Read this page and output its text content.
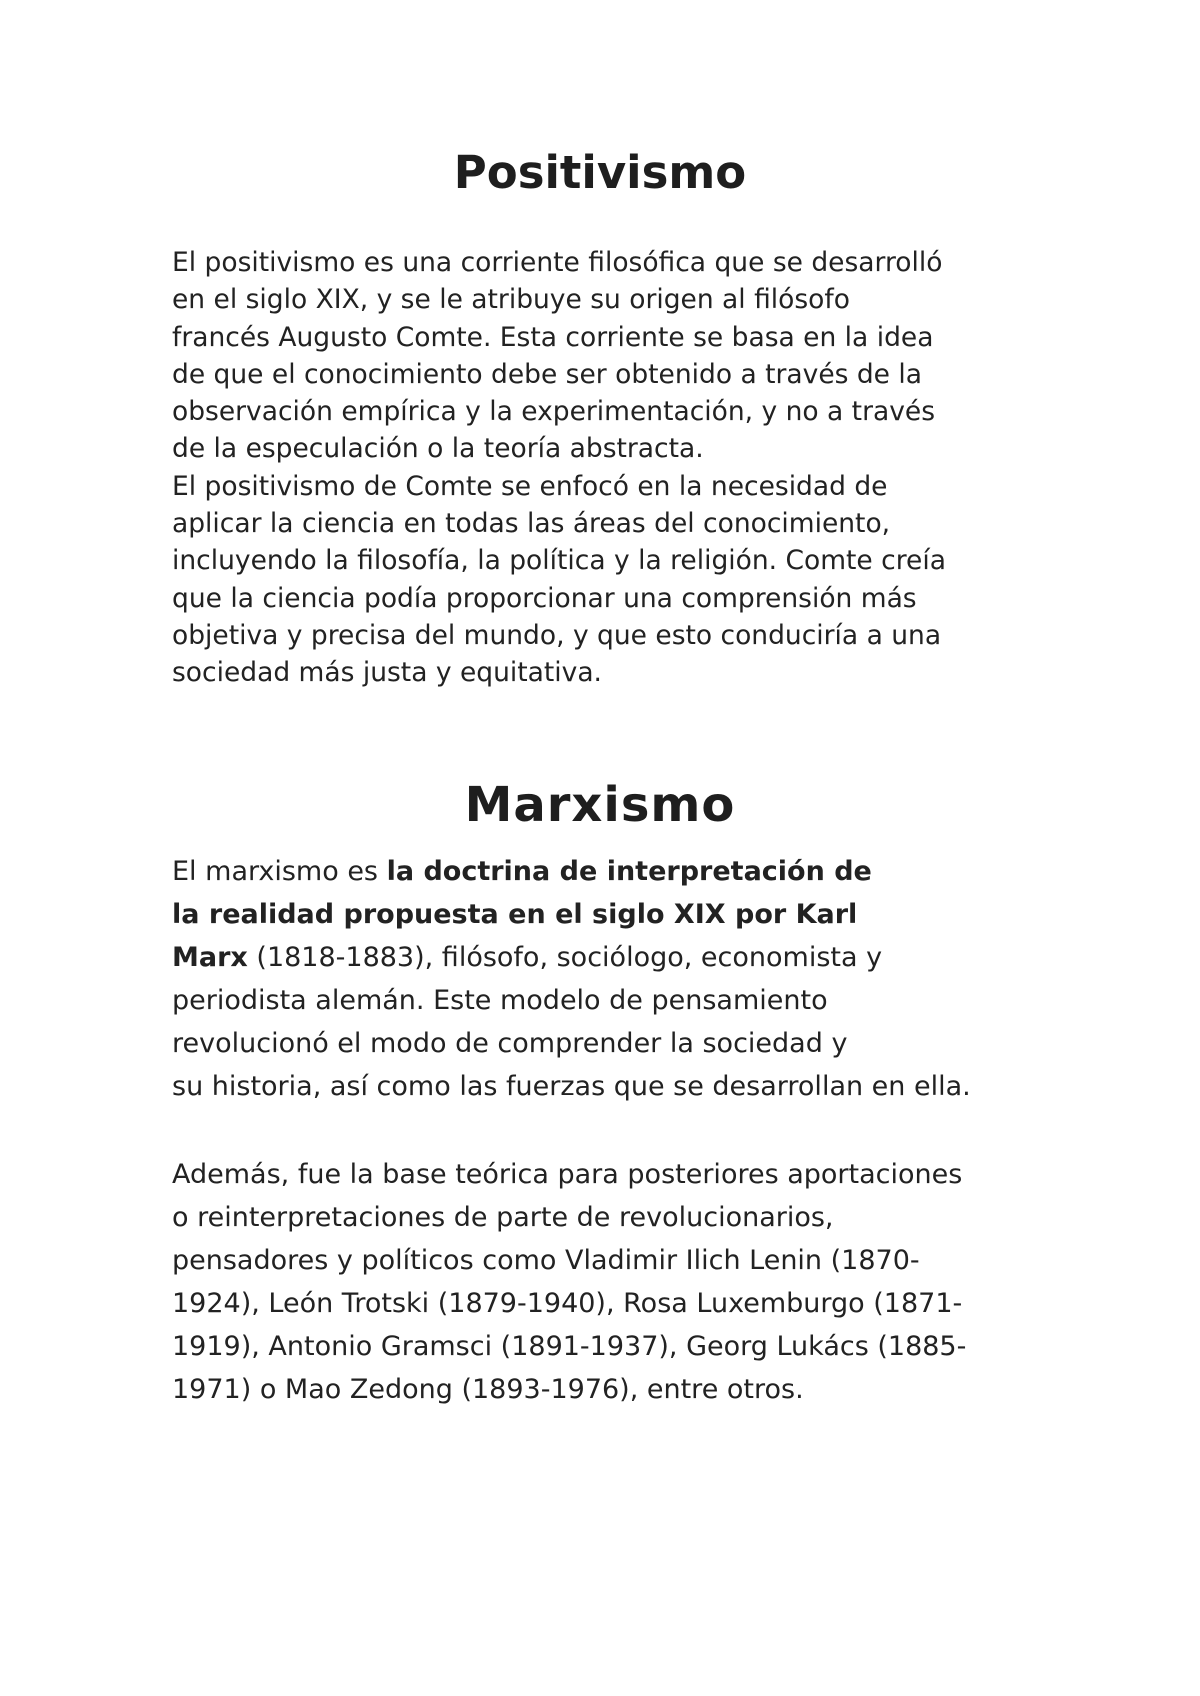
Positivismo
El positivismo es una corriente filosófica que se desarrolló
en el siglo XIX, y se le atribuye su origen al filósofo
francés Augusto Comte. Esta corriente se basa en la idea
de que el conocimiento debe ser obtenido a través de la
observación empírica y la experimentación, y no a través
de la especulación o la teoría abstracta.
El positivismo de Comte se enfocó en la necesidad de
aplicar la ciencia en todas las áreas del conocimiento,
incluyendo la filosofía, la política y la religión. Comte creía
que la ciencia podía proporcionar una comprensión más
objetiva y precisa del mundo, y que esto conduciría a una
sociedad más justa y equitativa.
Marxismo
El marxismo es la doctrina de interpretación de
la realidad propuesta en el siglo XIX por Karl
Marx (1818-1883), filósofo, sociólogo, economista y
periodista alemán. Este modelo de pensamiento
revolucionó el modo de comprender la sociedad y
su historia, así como las fuerzas que se desarrollan en ella.
Además, fue la base teórica para posteriores aportaciones
o reinterpretaciones de parte de revolucionarios,
pensadores y políticos como Vladimir Ilich Lenin (1870-
1924), León Trotski (1879-1940), Rosa Luxemburgo (1871-
1919), Antonio Gramsci (1891-1937), Georg Lukács (1885-
1971) o Mao Zedong (1893-1976), entre otros.
